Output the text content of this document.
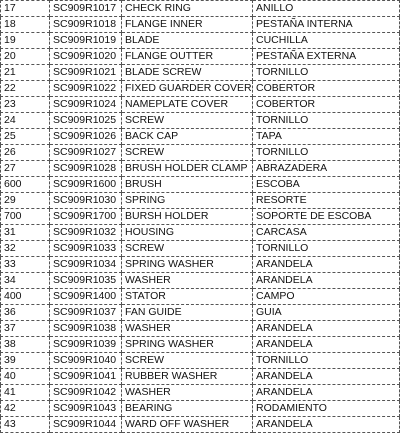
17	SC909R1017	CHECK RING	ANILLO
18	SC909R1018	FLANGE INNER	PESTAÑA INTERNA
19	SC909R1019	BLADE	CUCHILLA
20	SC909R1020	FLANGE OUTTER	PESTAÑA EXTERNA
21	SC909R1021	BLADE SCREW	TORNILLO
22	SC909R1022	FIXED GUARDER COVER	COBERTOR
23	SC909R1024	NAMEPLATE COVER	COBERTOR
24	SC909R1025	SCREW	TORNILLO
25	SC909R1026	BACK CAP	TAPA
26	SC909R1027	SCREW	TORNILLO
27	SC909R1028	BRUSH HOLDER CLAMP	ABRAZADERA
600	SC909R1600	BRUSH	ESCOBA
29	SC909R1030	SPRING	RESORTE
700	SC909R1700	BURSH HOLDER	SOPORTE DE ESCOBA
31	SC909R1032	HOUSING	CARCASA
32	SC909R1033	SCREW	TORNILLO
33	SC909R1034	SPRING WASHER	ARANDELA
34	SC909R1035	WASHER	ARANDELA
400	SC909R1400	STATOR	CAMPO
36	SC909R1037	FAN GUIDE	GUIA
37	SC909R1038	WASHER	ARANDELA
38	SC909R1039	SPRING WASHER	ARANDELA
39	SC909R1040	SCREW	TORNILLO
40	SC909R1041	RUBBER WASHER	ARANDELA
41	SC909R1042	WASHER	ARANDELA
42	SC909R1043	BEARING	RODAMIENTO
43	SC909R1044	WARD OFF WASHER	ARANDELA
